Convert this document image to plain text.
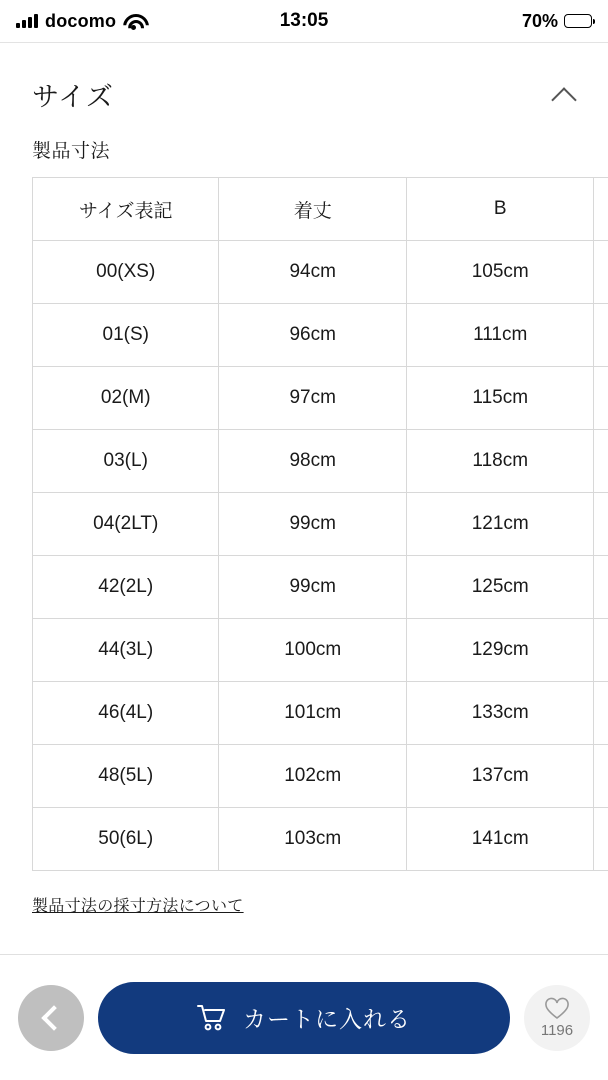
docomo	13:05	70%
サイズ
製品寸法
サイズ表記	着丈	B	
00(XS)	94cm	105cm	
01(S)	96cm	111cm	
02(M)	97cm	115cm	
03(L)	98cm	118cm	
04(2LT)	99cm	121cm	
42(2L)	99cm	125cm	
44(3L)	100cm	129cm	
46(4L)	101cm	133cm	
48(5L)	102cm	137cm	
50(6L)	103cm	141cm	
製品寸法の採寸方法について
カートに入れる	1196
